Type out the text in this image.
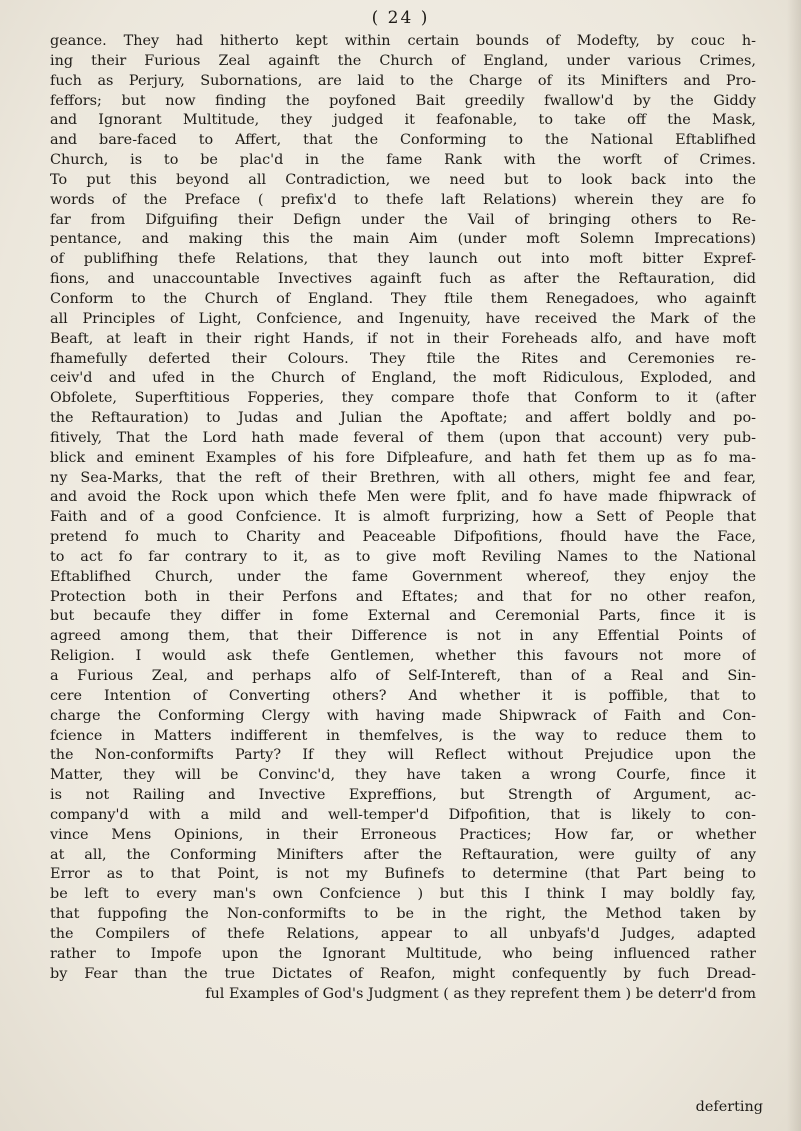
( 24 )
geance. They had hitherto kept within certain bounds of Modefty, by couc h-
ing their Furious Zeal againft the Church of England, under various Crimes,
fuch as Perjury, Subornations, are laid to the Charge of its Minifters and Pro-
feffors; but now finding the poyfoned Bait greedily fwallow'd by the Giddy
and Ignorant Multitude, they judged it feafonable, to take off the Mask,
and bare-faced to Affert, that the Conforming to the National Eftablifhed
Church, is to be plac'd in the fame Rank with the worft of Crimes.
To put this beyond all Contradiction, we need but to look back into the
words of the Preface ( prefix'd to thefe laft Relations) wherein they are fo
far from Difguifing their Defign under the Vail of bringing others to Re-
pentance, and making this the main Aim (under moft Solemn Imprecations)
of publifhing thefe Relations, that they launch out into moft bitter Expref-
fions, and unaccountable Invectives againft fuch as after the Reftauration, did
Conform to the Church of England. They ftile them Renegadoes, who againft
all Principles of Light, Confcience, and Ingenuity, have received the Mark of the
Beaft, at leaft in their right Hands, if not in their Foreheads alfo, and have moft
fhamefully deferted their Colours. They ftile the Rites and Ceremonies re-
ceiv'd and ufed in the Church of England, the moft Ridiculous, Exploded, and
Obfolete, Superftitious Fopperies, they compare thofe that Conform to it (after
the Reftauration) to Judas and Julian the Apoftate; and affert boldly and po-
fitively, That the Lord hath made feveral of them (upon that account) very pub-
blick and eminent Examples of his fore Difpleafure, and hath fet them up as fo ma-
ny Sea-Marks, that the reft of their Brethren, with all others, might fee and fear,
and avoid the Rock upon which thefe Men were fplit, and fo have made fhipwrack of
Faith and of a good Confcience. It is almoft furprizing, how a Sett of People that
pretend fo much to Charity and Peaceable Difpofitions, fhould have the Face,
to act fo far contrary to it, as to give moft Reviling Names to the National
Eftablifhed Church, under the fame Government whereof, they enjoy the
Protection both in their Perfons and Eftates; and that for no other reafon,
but becaufe they differ in fome External and Ceremonial Parts, fince it is
agreed among them, that their Difference is not in any Effential Points of
Religion. I would ask thefe Gentlemen, whether this favours not more of
a Furious Zeal, and perhaps alfo of Self-Intereft, than of a Real and Sin-
cere Intention of Converting others? And whether it is poffible, that to
charge the Conforming Clergy with having made Shipwrack of Faith and Con-
fcience in Matters indifferent in themfelves, is the way to reduce them to
the Non-conformifts Party? If they will Reflect without Prejudice upon the
Matter, they will be Convinc'd, they have taken a wrong Courfe, fince it
is not Railing and Invective Expreffions, but Strength of Argument, ac-
company'd with a mild and well-temper'd Difpofition, that is likely to con-
vince Mens Opinions, in their Erroneous Practices; How far, or whether
at all, the Conforming Minifters after the Reftauration, were guilty of any
Error as to that Point, is not my Bufinefs to determine (that Part being to
be left to every man's own Confcience ) but this I think I may boldly fay,
that fuppofing the Non-conformifts to be in the right, the Method taken by
the Compilers of thefe Relations, appear to all unbyafs'd Judges, adapted
rather to Impofe upon the Ignorant Multitude, who being influenced rather
by Fear than the true Dictates of Reafon, might confequently by fuch Dread-
ful Examples of God's Judgment ( as they reprefent them ) be deterr'd from
deferting
